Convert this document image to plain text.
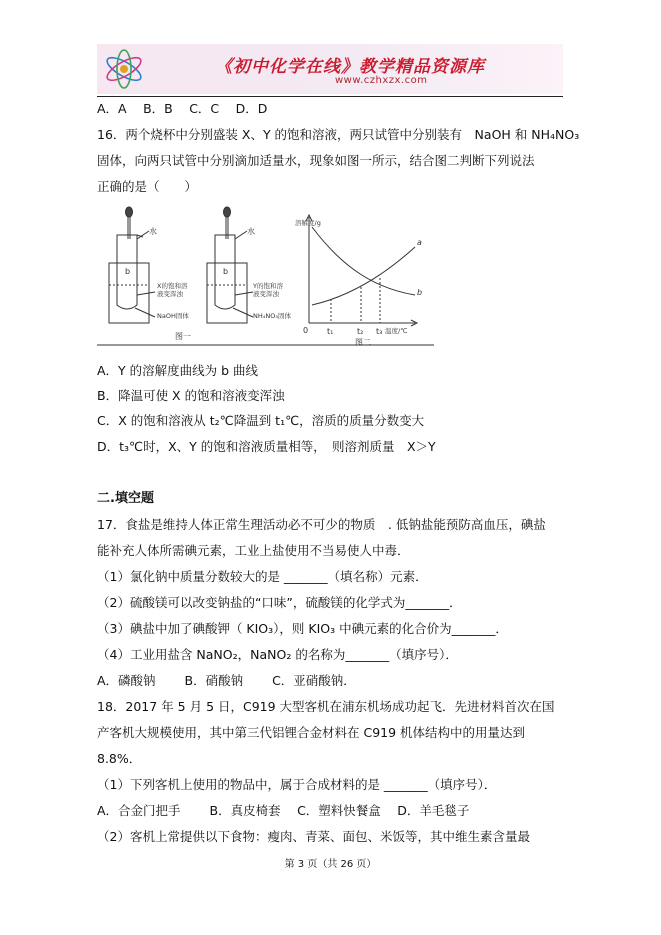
《初中化学在线》教学精品资源库
www.czhxzx.com
A．A　 B．B　 C．C　 D．D
16．两个烧杯中分别盛装 X、Y 的饱和溶液，两只试管中分别装有　NaOH 和 NH₄NO₃
固体，向两只试管中分别滴加适量水，现象如图一所示，结合图二判断下列说法
正确的是（　　）
水
b
X的饱和溶
液变浑浊
NaOH固体
水
b
Y的饱和溶
液变浑浊
NH₄NO₃固体
图一
溶解度/g
温度/℃
0 t₁	t₂ t₃
a
b
图二
A．Y 的溶解度曲线为 b 曲线
B．降温可使 X 的饱和溶液变浑浊
C．X 的饱和溶液从 t₂℃降温到 t₁℃，溶质的质量分数变大
D．t₃℃时，X、Y 的饱和溶液质量相等，　则溶剂质量　X＞Y
二.填空题
17．食盐是维持人体正常生理活动必不可少的物质　. 低钠盐能预防高血压，碘盐
能补充人体所需碘元素，工业上盐使用不当易使人中毒．
（1）氯化钠中质量分数较大的是 _______（填名称）元素．
（2）硫酸镁可以改变钠盐的“口味”，硫酸镁的化学式为_______．
（3）碘盐中加了碘酸钾（ KIO₃），则 KIO₃ 中碘元素的化合价为_______．
（4）工业用盐含 NaNO₂，NaNO₂ 的名称为_______（填序号）．
A．磷酸钠　　 B．硝酸钠　　 C．亚硝酸钠．
18．2017 年 5 月 5 日，C919 大型客机在浦东机场成功起飞．先进材料首次在国
产客机大规模使用，其中第三代铝锂合金材料在 C919 机体结构中的用量达到
8.8%．
（1）下列客机上使用的物品中，属于合成材料的是 _______（填序号）．
A．合金门把手　　 B．真皮椅套　 C．塑料快餐盒　 D．羊毛毯子
（2）客机上常提供以下食物：瘦肉、青菜、面包、米饭等，其中维生素含量最
第 3 页（共 26 页）
